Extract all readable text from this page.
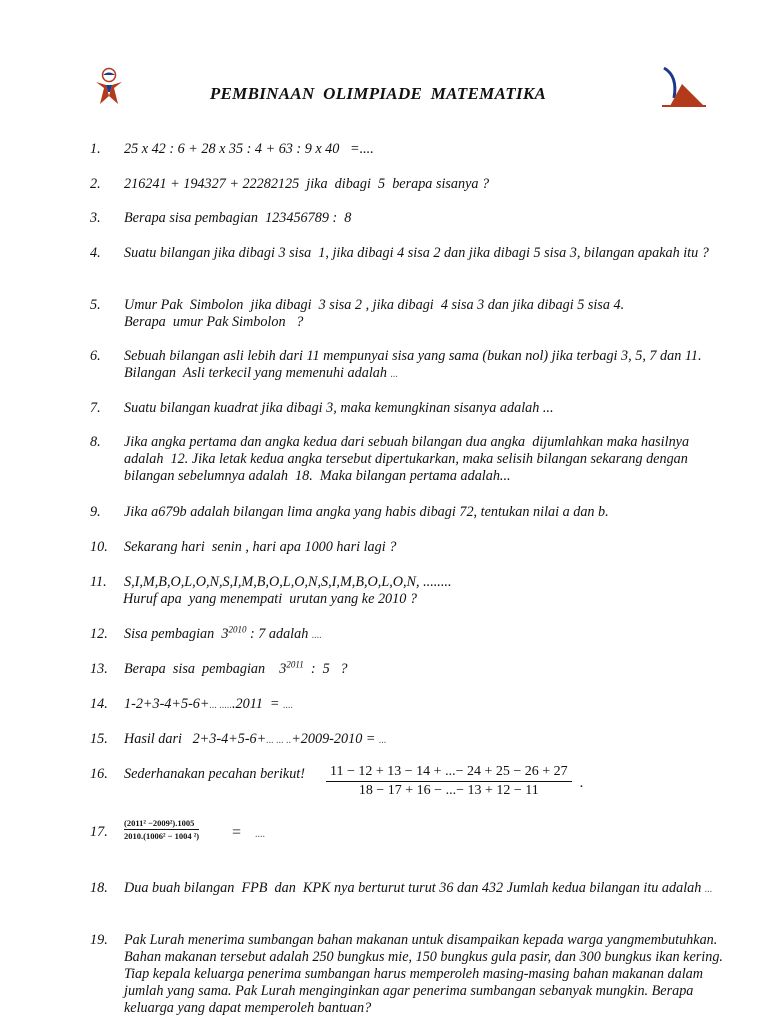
PEMBINAAN OLIMPIADE MATEMATIKA
1.	25 x 42 : 6 + 28 x 35 : 4 + 63 : 9 x 40   =....
2.	216241 + 194327 + 22282125  jika  dibagi  5  berapa sisanya ?
3.	Berapa sisa pembagian  123456789 :  8
4.	Suatu bilangan jika dibagi 3 sisa  1, jika dibagi 4 sisa 2 dan jika dibagi 5 sisa 3, bilangan apakah itu ?
5.	Umur Pak  Simbolon  jika dibagi  3 sisa 2 , jika dibagi  4 sisa 3 dan jika dibagi 5 sisa 4.
Berapa  umur Pak Simbolon   ?
6.	Sebuah bilangan asli lebih dari 11 mempunyai sisa yang sama (bukan nol) jika terbagi 3, 5, 7 dan 11. Bilangan  Asli terkecil yang memenuhi adalah ...
7.	Suatu bilangan kuadrat jika dibagi 3, maka kemungkinan sisanya adalah ...
8.	Jika angka pertama dan angka kedua dari sebuah bilangan dua angka  dijumlahkan maka hasilnya adalah  12. Jika letak kedua angka tersebut dipertukarkan, maka selisih bilangan sekarang dengan bilangan sebelumnya adalah  18.  Maka bilangan pertama adalah...
9.	Jika a679b adalah bilangan lima angka yang habis dibagi 72, tentukan nilai a dan b.
10.	Sekarang hari  senin , hari apa 1000 hari lagi ?
11.	S,I,M,B,O,L,O,N,S,I,M,B,O,L,O,N,S,I,M,B,O,L,O,N, ........
Huruf apa  yang menempati  urutan yang ke 2010 ?
12.	Sisa pembagian  $3^{2010}$ : 7 adalah ....
13.	Berapa  sisa  pembagian    $3^{2011}$  :  5   ?
14.	1-2+3-4+5-6+... ......2011  = ....
15.	Hasil dari   2+3-4+5-6+... ... ..+2009-2010 = ...
16.	Sederhanakan pecahan berikut!	$\frac{11 - 12 + 13 - 14 + ...- 24 + 25 - 26 + 27}{18 - 17 + 16 - ...- 13 + 12 - 11}$ .
17.	$\frac{\text{(2011² −2009²).1005}}{\text{2010.(1006² − 1004 ²)}}$ = ....
18.	Dua buah bilangan  FPB  dan  KPK nya berturut turut 36 dan 432 Jumlah kedua bilangan itu adalah ...
19.	Pak Lurah menerima sumbangan bahan makanan untuk disampaikan kepada warga yangmembutuhkan. Bahan makanan tersebut adalah 250 bungkus mie, 150 bungkus gula pasir, dan 300 bungkus ikan kering. Tiap kepala keluarga penerima sumbangan harus memperoleh masing-masing bahan makanan dalam jumlah yang sama. Pak Lurah menginginkan agar penerima sumbangan sebanyak mungkin. Berapa keluarga yang dapat memperoleh bantuan?
